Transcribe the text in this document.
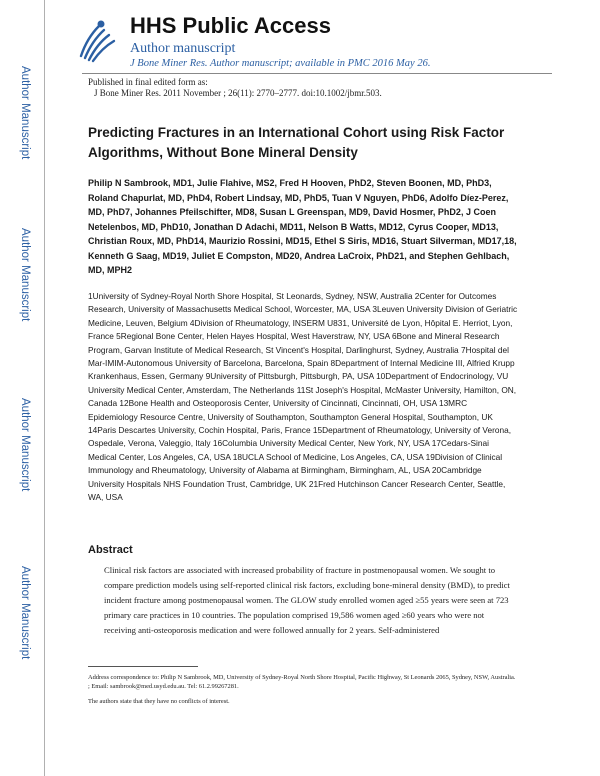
Author Manuscript
Author Manuscript
Author Manuscript
Author Manuscript
HHS Public Access
Author manuscript
J Bone Miner Res. Author manuscript; available in PMC 2016 May 26.
Published in final edited form as:
J Bone Miner Res. 2011 November ; 26(11): 2770–2777. doi:10.1002/jbmr.503.
Predicting Fractures in an International Cohort using Risk Factor Algorithms, Without Bone Mineral Density
Philip N Sambrook, MD1, Julie Flahive, MS2, Fred H Hooven, PhD2, Steven Boonen, MD, PhD3, Roland Chapurlat, MD, PhD4, Robert Lindsay, MD, PhD5, Tuan V Nguyen, PhD6, Adolfo Díez-Perez, MD, PhD7, Johannes Pfeilschifter, MD8, Susan L Greenspan, MD9, David Hosmer, PhD2, J Coen Netelenbos, MD, PhD10, Jonathan D Adachi, MD11, Nelson B Watts, MD12, Cyrus Cooper, MD13, Christian Roux, MD, PhD14, Maurizio Rossini, MD15, Ethel S Siris, MD16, Stuart Silverman, MD17,18, Kenneth G Saag, MD19, Juliet E Compston, MD20, Andrea LaCroix, PhD21, and Stephen Gehlbach, MD, MPH2
1University of Sydney-Royal North Shore Hospital, St Leonards, Sydney, NSW, Australia 2Center for Outcomes Research, University of Massachusetts Medical School, Worcester, MA, USA 3Leuven University Division of Geriatric Medicine, Leuven, Belgium 4Division of Rheumatology, INSERM U831, Université de Lyon, Hôpital E. Herriot, Lyon, France 5Regional Bone Center, Helen Hayes Hospital, West Haverstraw, NY, USA 6Bone and Mineral Research Program, Garvan Institute of Medical Research, St Vincent's Hospital, Darlinghurst, Sydney, Australia 7Hospital del Mar-IMIM-Autonomous University of Barcelona, Barcelona, Spain 8Department of Internal Medicine III, Alfried Krupp Krankenhaus, Essen, Germany 9University of Pittsburgh, Pittsburgh, PA, USA 10Department of Endocrinology, VU University Medical Center, Amsterdam, The Netherlands 11St Joseph's Hospital, McMaster University, Hamilton, ON, Canada 12Bone Health and Osteoporosis Center, University of Cincinnati, Cincinnati, OH, USA 13MRC Epidemiology Resource Centre, University of Southampton, Southampton General Hospital, Southampton, UK 14Paris Descartes University, Cochin Hospital, Paris, France 15Department of Rheumatology, University of Verona, Ospedale, Verona, Valeggio, Italy 16Columbia University Medical Center, New York, NY, USA 17Cedars-Sinai Medical Center, Los Angeles, CA, USA 18UCLA School of Medicine, Los Angeles, CA, USA 19Division of Clinical Immunology and Rheumatology, University of Alabama at Birmingham, Birmingham, AL, USA 20Cambridge University Hospitals NHS Foundation Trust, Cambridge, UK 21Fred Hutchinson Cancer Research Center, Seattle, WA, USA
Abstract
Clinical risk factors are associated with increased probability of fracture in postmenopausal women. We sought to compare prediction models using self-reported clinical risk factors, excluding bone-mineral density (BMD), to predict incident fracture among postmenopausal women. The GLOW study enrolled women aged ≥55 years were seen at 723 primary care practices in 10 countries. The population comprised 19,586 women aged ≥60 years who were not receiving anti-osteoporosis medication and were followed annually for 2 years. Self-administered
Address correspondence to: Philip N Sambrook, MD, University of Sydney-Royal North Shore Hospital, Pacific Highway, St Leonards 2065, Sydney, NSW, Australia. ; Email: sambrook@med.usyd.edu.au. Tel: 61.2.99267281.
The authors state that they have no conflicts of interest.
